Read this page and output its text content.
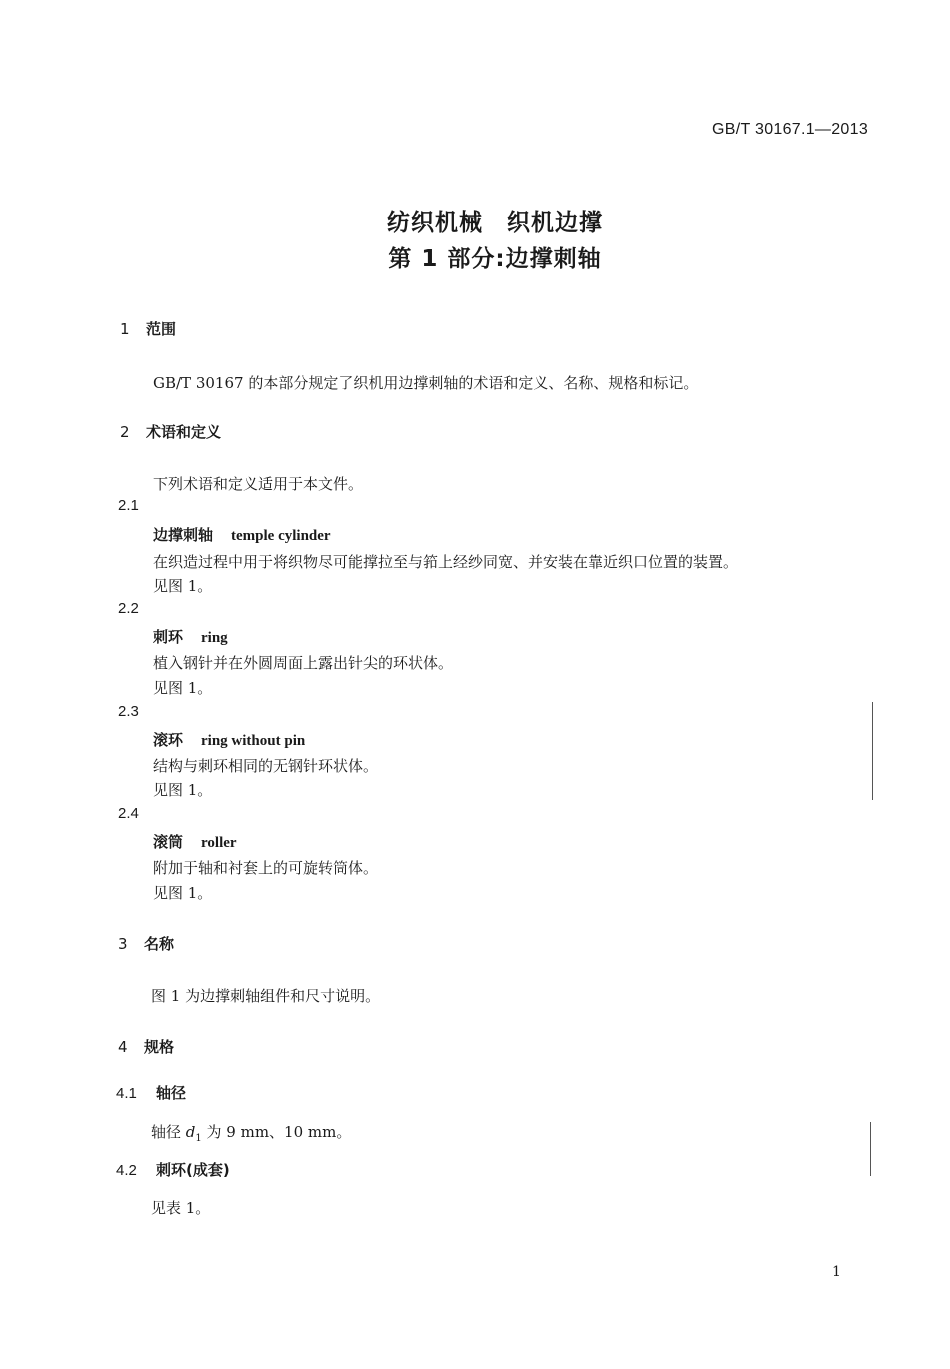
GB/T 30167.1—2013
纺织机械　织机边撑
第 1 部分:边撑刺轴
1 范围
GB/T 30167 的本部分规定了织机用边撑刺轴的术语和定义、名称、规格和标记。
2 术语和定义
下列术语和定义适用于本文件。
2.1
边撑刺轴 temple cylinder
在织造过程中用于将织物尽可能撑拉至与筘上经纱同宽、并安装在靠近织口位置的装置。
见图 1。
2.2
刺环 ring
植入钢针并在外圆周面上露出针尖的环状体。
见图 1。
2.3
滚环 ring without pin
结构与刺环相同的无钢针环状体。
见图 1。
2.4
滚筒 roller
附加于轴和衬套上的可旋转筒体。
见图 1。
3 名称
图 1 为边撑刺轴组件和尺寸说明。
4 规格
4.1 轴径
轴径 $d_1$ 为 9 mm、10 mm。
4.2 刺环(成套)
见表 1。
1
